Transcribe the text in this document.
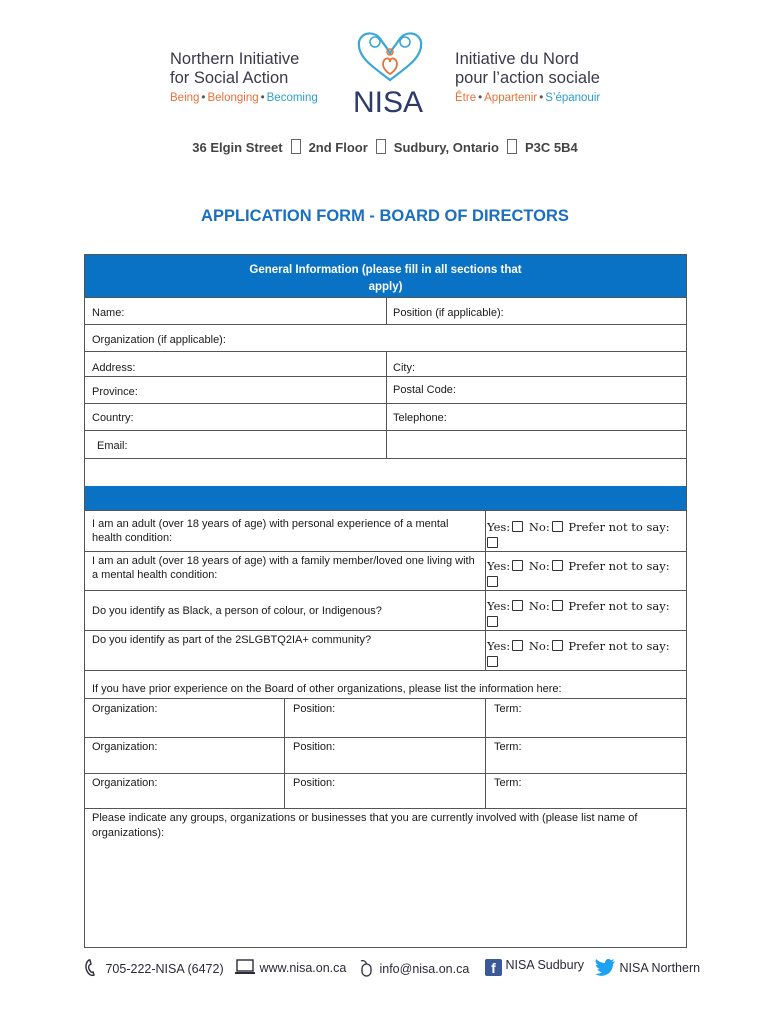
Northern Initiative
for Social Action
Being • Belonging • Becoming	NISA
Initiative du Nord
pour l’action sociale
Être • Appartenir • S’épanouir
36 Elgin Street 2nd Floor Sudbury, Ontario P3C 5B4
APPLICATION FORM - BOARD OF DIRECTORS
General Information (please fill in all sections that apply)
Name:	Position (if applicable):
Organization (if applicable):
Address:	City:
Province:	Postal Code:
Country:	Telephone:
Email:
I am an adult (over 18 years of age) with personal experience of a mental health condition:
Yes: No: Prefer not to say:

I am an adult (over 18 years of age) with a family member/loved one living with a mental health condition:
Yes: No: Prefer not to say:

Do you identify as Black, a person of colour, or Indigenous?	Yes: No: Prefer not to say:

Do you identify as part of the 2SLGBTQ2IA+ community?	Yes: No: Prefer not to say:

If you have prior experience on the Board of other organizations, please list the information here:
Organization:	Position:	Term:
Organization:	Position:	Term:
Organization:	Position:	Term:
Please indicate any groups, organizations or businesses that you are currently involved with (please list name of organizations):
705-222-NISA (6472)	www.nisa.on.ca	info@nisa.on.ca	f NISA Sudbury	NISA Northern
